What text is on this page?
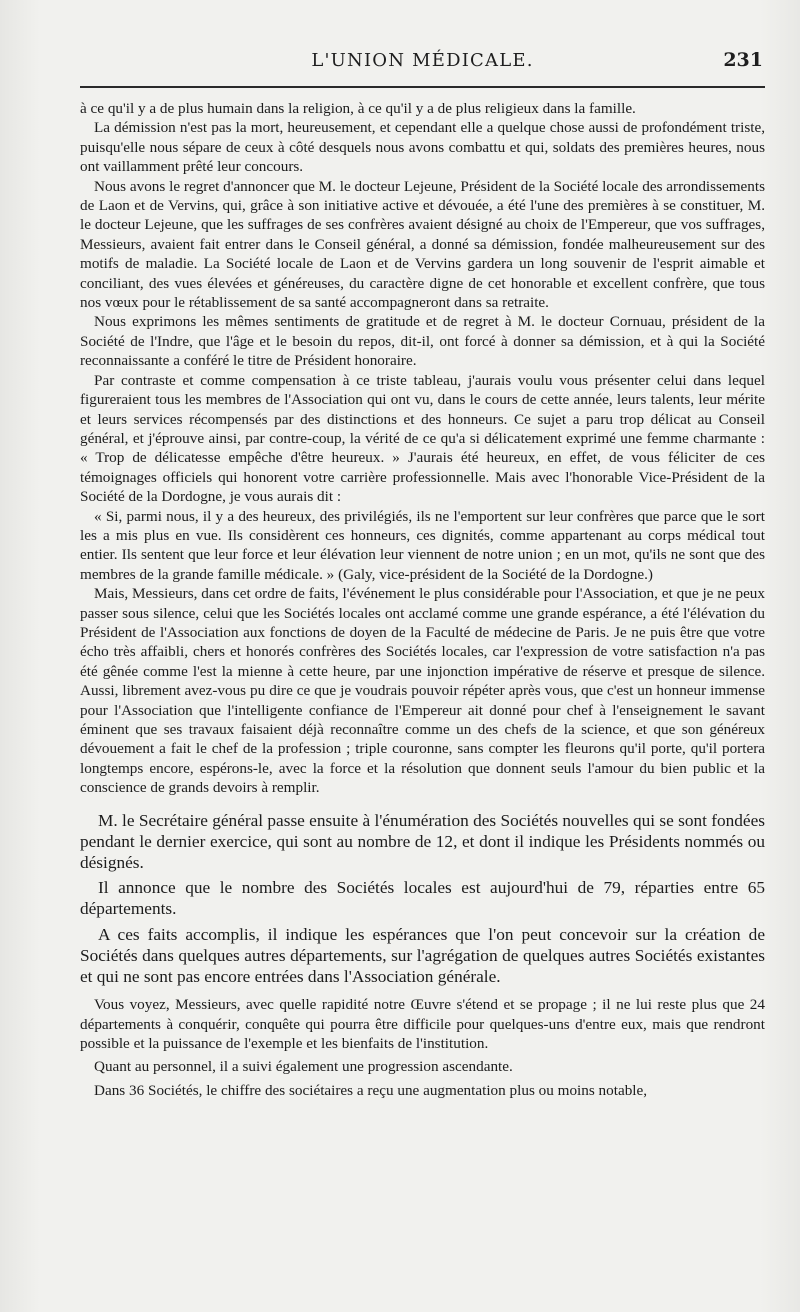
L'UNION MÉDICALE.	231

à ce qu'il y a de plus humain dans la religion, à ce qu'il y a de plus religieux dans la famille.

La démission n'est pas la mort, heureusement, et cependant elle a quelque chose aussi de profondément triste, puisqu'elle nous sépare de ceux à côté desquels nous avons combattu et qui, soldats des premières heures, nous ont vaillamment prêté leur concours.

Nous avons le regret d'annoncer que M. le docteur Lejeune, Président de la Société locale des arrondissements de Laon et de Vervins, qui, grâce à son initiative active et dévouée, a été l'une des premières à se constituer, M. le docteur Lejeune, que les suffrages de ses confrères avaient désigné au choix de l'Empereur, que vos suffrages, Messieurs, avaient fait entrer dans le Conseil général, a donné sa démission, fondée malheureusement sur des motifs de maladie. La Société locale de Laon et de Vervins gardera un long souvenir de l'esprit aimable et conciliant, des vues élevées et généreuses, du caractère digne de cet honorable et excellent confrère, que tous nos vœux pour le rétablissement de sa santé accompagneront dans sa retraite.

Nous exprimons les mêmes sentiments de gratitude et de regret à M. le docteur Cornuau, président de la Société de l'Indre, que l'âge et le besoin du repos, dit-il, ont forcé à donner sa démission, et à qui la Société reconnaissante a conféré le titre de Président honoraire.

Par contraste et comme compensation à ce triste tableau, j'aurais voulu vous présenter celui dans lequel figureraient tous les membres de l'Association qui ont vu, dans le cours de cette année, leurs talents, leur mérite et leurs services récompensés par des distinctions et des honneurs. Ce sujet a paru trop délicat au Conseil général, et j'éprouve ainsi, par contre-coup, la vérité de ce qu'a si délicatement exprimé une femme charmante : « Trop de délicatesse empêche d'être heureux. » J'aurais été heureux, en effet, de vous féliciter de ces témoignages officiels qui honorent votre carrière professionnelle. Mais avec l'honorable Vice-Président de la Société de la Dordogne, je vous aurais dit :

« Si, parmi nous, il y a des heureux, des privilégiés, ils ne l'emportent sur leur confrères que parce que le sort les a mis plus en vue. Ils considèrent ces honneurs, ces dignités, comme appartenant au corps médical tout entier. Ils sentent que leur force et leur élévation leur viennent de notre union ; en un mot, qu'ils ne sont que des membres de la grande famille médicale. » (Galy, vice-président de la Société de la Dordogne.)

Mais, Messieurs, dans cet ordre de faits, l'événement le plus considérable pour l'Association, et que je ne peux passer sous silence, celui que les Sociétés locales ont acclamé comme une grande espérance, a été l'élévation du Président de l'Association aux fonctions de doyen de la Faculté de médecine de Paris. Je ne puis être que votre écho très affaibli, chers et honorés confrères des Sociétés locales, car l'expression de votre satisfaction n'a pas été gênée comme l'est la mienne à cette heure, par une injonction impérative de réserve et presque de silence. Aussi, librement avez-vous pu dire ce que je voudrais pouvoir répéter après vous, que c'est un honneur immense pour l'Association que l'intelligente confiance de l'Empereur ait donné pour chef à l'enseignement le savant éminent que ses travaux faisaient déjà reconnaître comme un des chefs de la science, et que son généreux dévouement a fait le chef de la profession ; triple couronne, sans compter les fleurons qu'il porte, qu'il portera longtemps encore, espérons-le, avec la force et la résolution que donnent seuls l'amour du bien public et la conscience de grands devoirs à remplir.

M. le Secrétaire général passe ensuite à l'énumération des Sociétés nouvelles qui se sont fondées pendant le dernier exercice, qui sont au nombre de 12, et dont il indique les Présidents nommés ou désignés.

Il annonce que le nombre des Sociétés locales est aujourd'hui de 79, réparties entre 65 départements.

A ces faits accomplis, il indique les espérances que l'on peut concevoir sur la création de Sociétés dans quelques autres départements, sur l'agrégation de quelques autres Sociétés existantes et qui ne sont pas encore entrées dans l'Association générale.

Vous voyez, Messieurs, avec quelle rapidité notre Œuvre s'étend et se propage ; il ne lui reste plus que 24 départements à conquérir, conquête qui pourra être difficile pour quelques-uns d'entre eux, mais que rendront possible et la puissance de l'exemple et les bienfaits de l'institution.

Quant au personnel, il a suivi également une progression ascendante.

Dans 36 Sociétés, le chiffre des sociétaires a reçu une augmentation plus ou moins notable,
